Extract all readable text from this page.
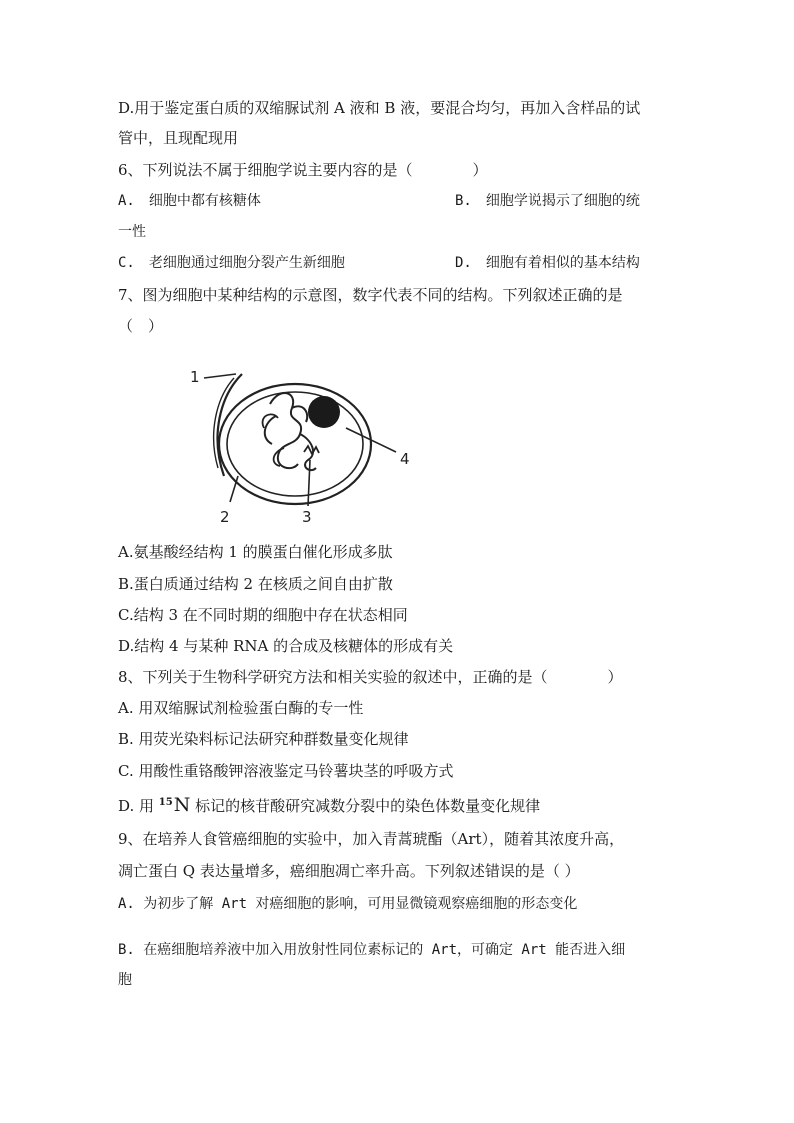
D.用于鉴定蛋白质的双缩脲试剂 A 液和 B 液，要混合均匀，再加入含样品的试
管中，且现配现用
6、下列说法不属于细胞学说主要内容的是（　　　　）
A.　细胞中都有核糖体	B.　细胞学说揭示了细胞的统
一性
C.　老细胞通过细胞分裂产生新细胞	D.　细胞有着相似的基本结构
7、图为细胞中某种结构的示意图，数字代表不同的结构。下列叙述正确的是
（　）
1
2	3
4
A.氨基酸经结构 1 的膜蛋白催化形成多肽
B.蛋白质通过结构 2 在核质之间自由扩散
C.结构 3 在不同时期的细胞中存在状态相同
D.结构 4 与某种 RNA 的合成及核糖体的形成有关
8、下列关于生物科学研究方法和相关实验的叙述中，正确的是（　　　　）
A. 用双缩脲试剂检验蛋白酶的专一性
B. 用荧光染料标记法研究种群数量变化规律
C. 用酸性重铬酸钾溶液鉴定马铃薯块茎的呼吸方式
D. 用 $^{15}$N 标记的核苷酸研究减数分裂中的染色体数量变化规律
9、在培养人食管癌细胞的实验中，加入青蒿琥酯（Art），随着其浓度升高，
凋亡蛋白 Q 表达量增多，癌细胞凋亡率升高。下列叙述错误的是（ ）
A. 为初步了解 Art 对癌细胞的影响，可用显微镜观察癌细胞的形态变化
B. 在癌细胞培养液中加入用放射性同位素标记的 Art，可确定 Art 能否进入细
胞
